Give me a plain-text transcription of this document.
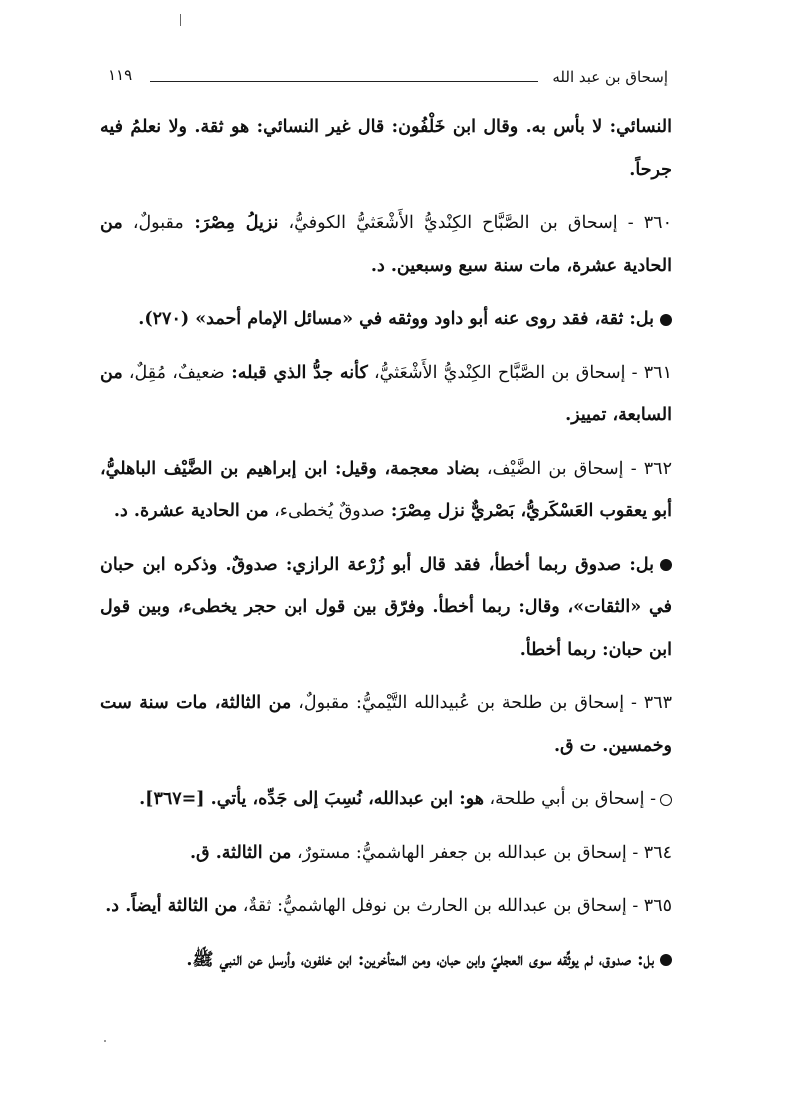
إسحاق بن عبد الله
١١٩

النسائي: لا بأس به. وقال ابن خَلْفُون: قال غير النسائي: هو ثقة. ولا نعلمُ فيه جرحاً.

٣٦٠ - إسحاق بن الصَّبَّاح الكِنْديُّ الأَشْعَثيُّ الكوفيُّ، نزيلُ مِصْرَ: مقبولٌ، من الحادية عشرة، مات سنة سبع وسبعين. د.

بل: ثقة، فقد روى عنه أبو داود ووثقه في «مسائل الإمام أحمد» (٢٧٠).

٣٦١ - إسحاق بن الصَّبَّاح الكِنْديُّ الأَشْعَثيُّ، كأنه جدُّ الذي قبله: ضعيفٌ، مُقِلٌ، من السابعة، تمييز.

٣٦٢ - إسحاق بن الضَّيْف، بضاد معجمة، وقيل: ابن إبراهيم بن الضَّيْف الباهليُّ، أبو يعقوب العَسْكَريُّ، بَصْريٌّ نزل مِصْرَ: صدوقٌ يُخطىء، من الحادية عشرة. د.

بل: صدوق ربما أخطأ، فقد قال أبو زُرْعة الرازي: صدوقٌ. وذكره ابن حبان في «الثقات»، وقال: ربما أخطأ. وفرّق بين قول ابن حجر يخطىء، وبين قول ابن حبان: ربما أخطأ.

٣٦٣ - إسحاق بن طلحة بن عُبيدالله التَّيْميُّ: مقبولٌ، من الثالثة، مات سنة ست وخمسين. ت ق.

- إسحاق بن أبي طلحة، هو: ابن عبدالله، نُسِبَ إلى جَدِّه، يأتي. [=٣٦٧].

٣٦٤ - إسحاق بن عبدالله بن جعفر الهاشميُّ: مستورٌ، من الثالثة. ق.

٣٦٥ - إسحاق بن عبدالله بن الحارث بن نوفل الهاشميُّ: ثقةٌ، من الثالثة أيضاً. د.

بل: صدوق، لم يوثِّقه سوى العجليّ وابن حبان، ومن المتأخرين: ابن خلفون، وأرسل عن النبي ﷺ.
